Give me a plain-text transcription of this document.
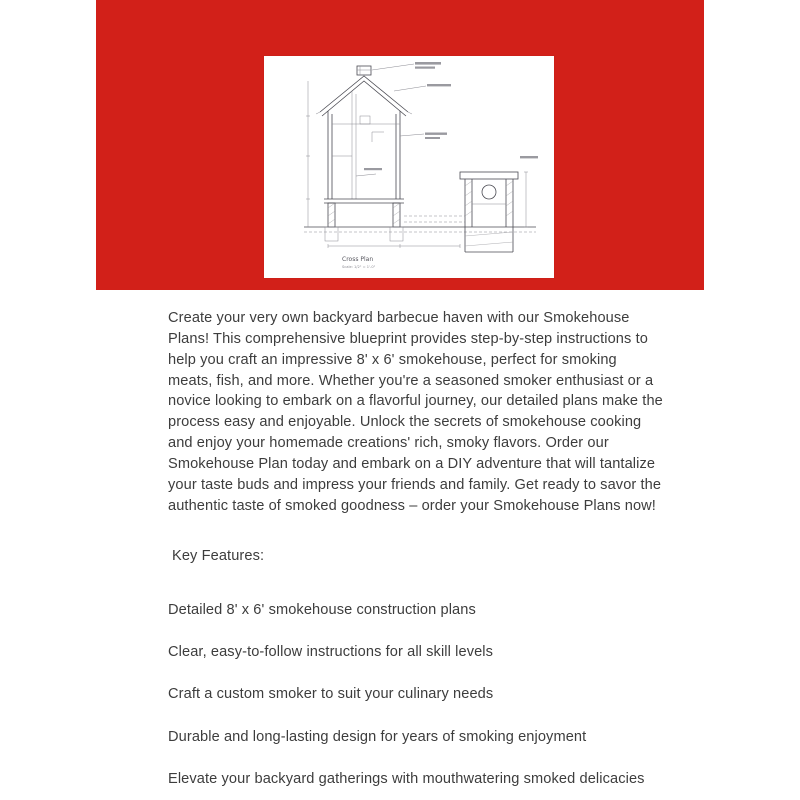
Cross Plan
Scale: 1/2" = 1'-0"

Create your very own backyard barbecue haven with our Smokehouse Plans! This comprehensive blueprint provides step-by-step instructions to help you craft an impressive 8' x 6' smokehouse, perfect for smoking meats, fish, and more. Whether you're a seasoned smoker enthusiast or a novice looking to embark on a flavorful journey, our detailed plans make the process easy and enjoyable. Unlock the secrets of smokehouse cooking and enjoy your homemade creations' rich, smoky flavors. Order our Smokehouse Plan today and embark on a DIY adventure that will tantalize your taste buds and impress your friends and family. Get ready to savor the authentic taste of smoked goodness – order your Smokehouse Plans now!

Key Features:
Detailed 8' x 6' smokehouse construction plans
Clear, easy-to-follow instructions for all skill levels
Craft a custom smoker to suit your culinary needs
Durable and long-lasting design for years of smoking enjoyment
Elevate your backyard gatherings with mouthwatering smoked delicacies
